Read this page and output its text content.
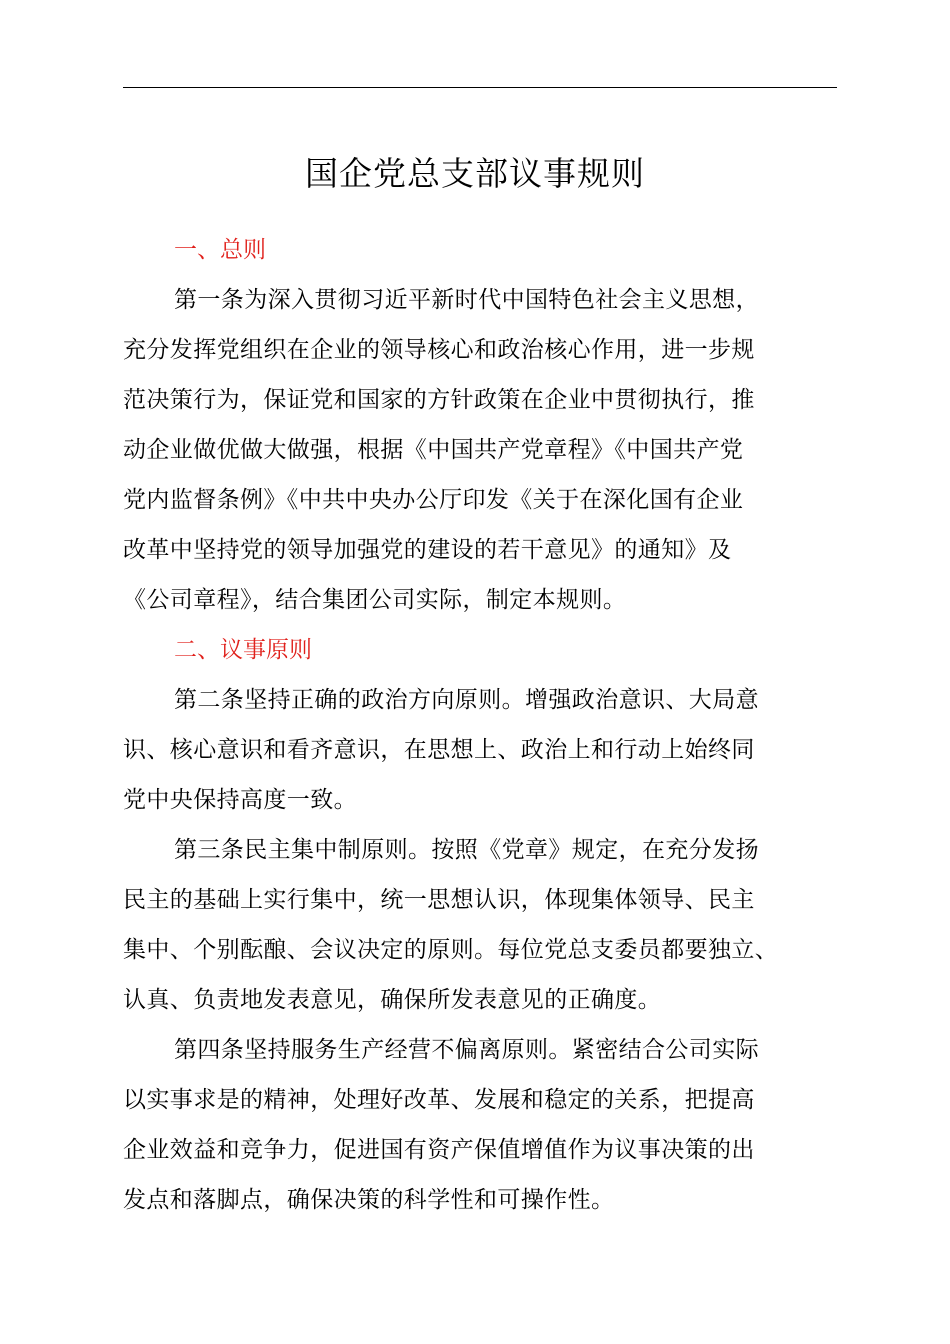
国企党总支部议事规则
一、总则
第一条为深入贯彻习近平新时代中国特色社会主义思想，
充分发挥党组织在企业的领导核心和政治核心作用，进一步规
范决策行为，保证党和国家的方针政策在企业中贯彻执行，推
动企业做优做大做强，根据《中国共产党章程》《中国共产党
党内监督条例》《中共中央办公厅印发《关于在深化国有企业
改革中坚持党的领导加强党的建设的若干意见》的通知》及
《公司章程》，结合集团公司实际，制定本规则。
二、议事原则
第二条坚持正确的政治方向原则。增强政治意识、大局意
识、核心意识和看齐意识，在思想上、政治上和行动上始终同
党中央保持高度一致。
第三条民主集中制原则。按照《党章》规定，在充分发扬
民主的基础上实行集中，统一思想认识，体现集体领导、民主
集中、个别酝酿、会议决定的原则。每位党总支委员都要独立、
认真、负责地发表意见，确保所发表意见的正确度。
第四条坚持服务生产经营不偏离原则。紧密结合公司实际
以实事求是的精神，处理好改革、发展和稳定的关系，把提高
企业效益和竞争力，促进国有资产保值增值作为议事决策的出
发点和落脚点，确保决策的科学性和可操作性。
